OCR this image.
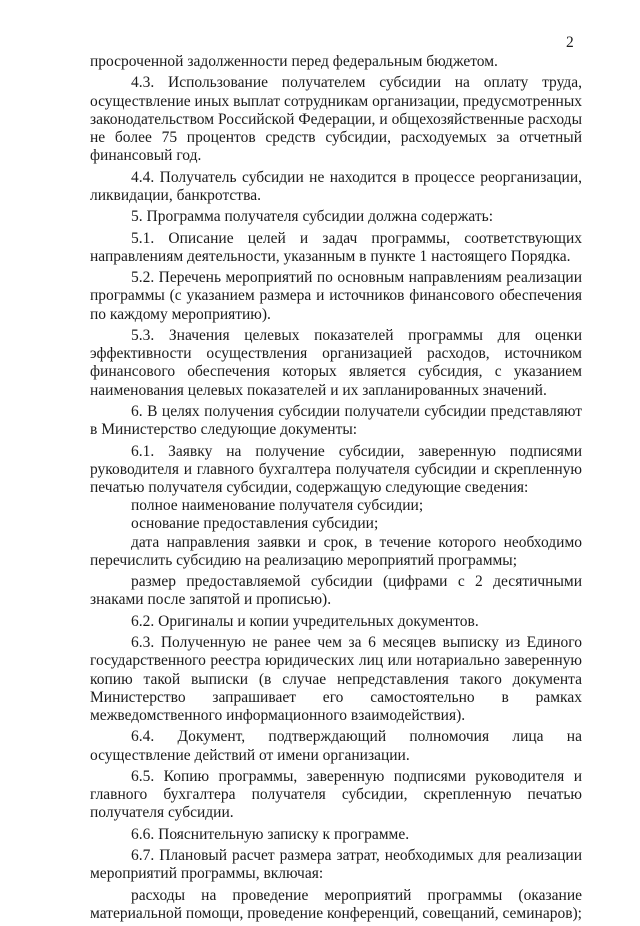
2

просроченной задолженности перед федеральным бюджетом.

4.3. Использование получателем субсидии на оплату труда, осуществление иных выплат сотрудникам организации, предусмотренных законодательством Российской Федерации, и общехозяйственные расходы не более 75 процентов средств субсидии, расходуемых за отчетный финансовый год.

4.4. Получатель субсидии не находится в процессе реорганизации, ликвидации, банкротства.

5. Программа получателя субсидии должна содержать:

5.1. Описание целей и задач программы, соответствующих направлениям деятельности, указанным в пункте 1 настоящего Порядка.

5.2. Перечень мероприятий по основным направлениям реализации программы (с указанием размера и источников финансового обеспечения по каждому мероприятию).

5.3. Значения целевых показателей программы для оценки эффективности осуществления организацией расходов, источником финансового обеспечения которых является субсидия, с указанием наименования целевых показателей и их запланированных значений.

6. В целях получения субсидии получатели субсидии представляют в Министерство следующие документы:

6.1. Заявку на получение субсидии, заверенную подписями руководителя и главного бухгалтера получателя субсидии и скрепленную печатью получателя субсидии, содержащую следующие сведения:

полное наименование получателя субсидии;

основание предоставления субсидии;

дата направления заявки и срок, в течение которого необходимо перечислить субсидию на реализацию мероприятий программы;

размер предоставляемой субсидии (цифрами с 2 десятичными знаками после запятой и прописью).

6.2. Оригиналы и копии учредительных документов.

6.3. Полученную не ранее чем за 6 месяцев выписку из Единого государственного реестра юридических лиц или нотариально заверенную копию такой выписки (в случае непредставления такого документа Министерство запрашивает его самостоятельно в рамках межведомственного информационного взаимодействия).

6.4. Документ, подтверждающий полномочия лица на осуществление действий от имени организации.

6.5. Копию программы, заверенную подписями руководителя и главного бухгалтера получателя субсидии, скрепленную печатью получателя субсидии.

6.6. Пояснительную записку к программе.

6.7. Плановый расчет размера затрат, необходимых для реализации мероприятий программы, включая:

расходы на проведение мероприятий программы (оказание материальной помощи, проведение конференций, совещаний, семинаров);
